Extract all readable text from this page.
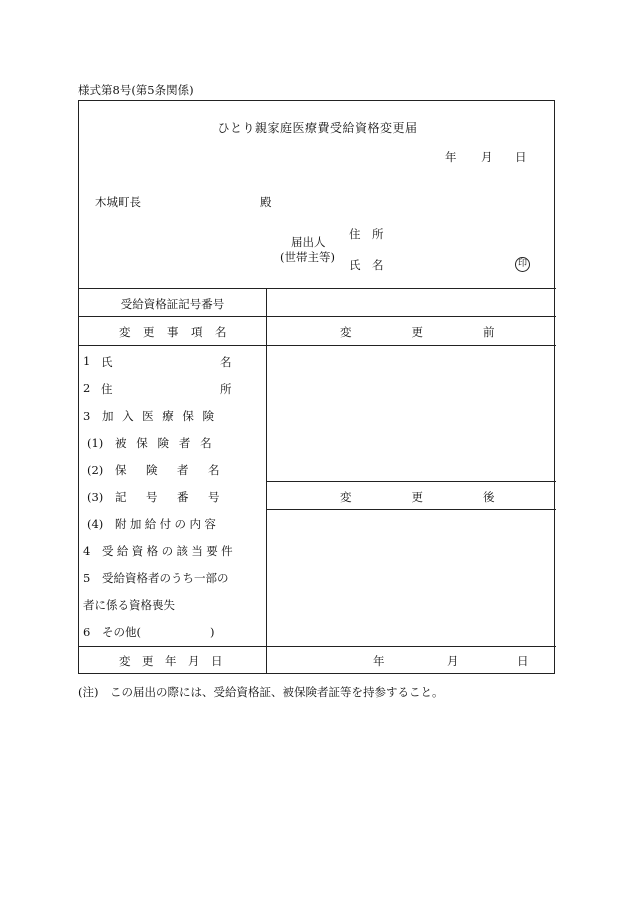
様式第8号(第5条関係)
ひとり親家庭医療費受給資格変更届
年 月 日
木城町長	殿
届出人
(世帯主等)
住　所
氏　名	印
受給資格証記号番号
変更事項名	変更前
変更後
1 氏	名
2 住	所
3 加入医療保険
(1) 被保険者名
(2) 保険者名
(3) 記号番号
(4) 附加給付の内容
4 受給資格の該当要件
5 受給資格者のうち一部の
者に係る資格喪失
6 その他(　　　　　　)
変更年月日	年	月	日
(注)　この届出の際には、受給資格証、被保険者証等を持参すること。
